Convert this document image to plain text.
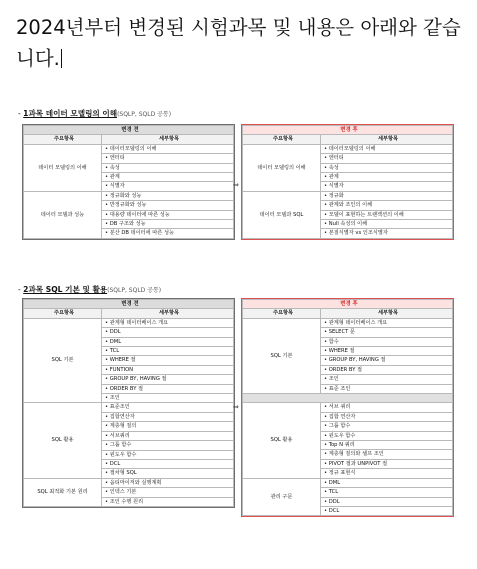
2024년부터 변경된 시험과목 및 내용은 아래와 같습
니다.
- 1과목 데이터 모델링의 이해(SQLP, SQLD 공통)
변경 전	
주요항목	세부항목
데이터 모델링의 이해	• 데이터모델링의 이해
	• 엔터티
	• 속성
	• 관계
	• 식별자
데이터 모델과 성능	• 정규화와 성능
	• 반정규화와 성능
	• 대용량 데이터에 따른 성능
	• DB 구조와 성능
	• 분산 DB 데이터에 따른 성능
⇒
변경 후	
주요항목	세부항목
데이터 모델링의 이해	• 데이터모델링의 이해
	• 엔터티
	• 속성
	• 관계
	• 식별자
데이터 모델과 SQL	• 정규화
	• 관계와 조인의 이해
	• 모델이 표현하는 트랜잭션의 이해
	• Null 속성의 이해
	• 본질식별자 vs 인조식별자
- 2과목 SQL 기본 및 활용(SQLP, SQLD 공통)
변경 전	
주요항목	세부항목
SQL 기본	• 관계형 데이터베이스 개요
	• DDL
	• DML
	• TCL
	• WHERE 절
	• FUNTION
	• GROUP BY, HAVING 절
	• ORDER BY 절
	• 조인
SQL 활용	• 표준조인
	• 집합연산자
	• 계층형 질의
	• 서브쿼리
	• 그룹 함수
	• 윈도우 함수
	• DCL
	• 절차형 SQL
SQL 최적화 기본 원리	• 옵티마이저와 실행계획
	• 인덱스 기본
	• 조인 수행 원리
⇒
변경 후	
주요항목	세부항목
SQL 기본	• 관계형 데이터베이스 개요
	• SELECT 문
	• 함수
	• WHERE 절
	• GROUP BY, HAVING 절
	• ORDER BY 절
	• 조인
	• 표준 조인

SQL 활용	• 서브 쿼리
	• 집합 연산자
	• 그룹 함수
	• 윈도우 함수
	• Top N 쿼리
	• 계층형 질의와 셀프 조인
	• PIVOT 절과 UNPIVOT 절
	• 정규 표현식
관리 구문	• DML
	• TCL
	• DDL
	• DCL
